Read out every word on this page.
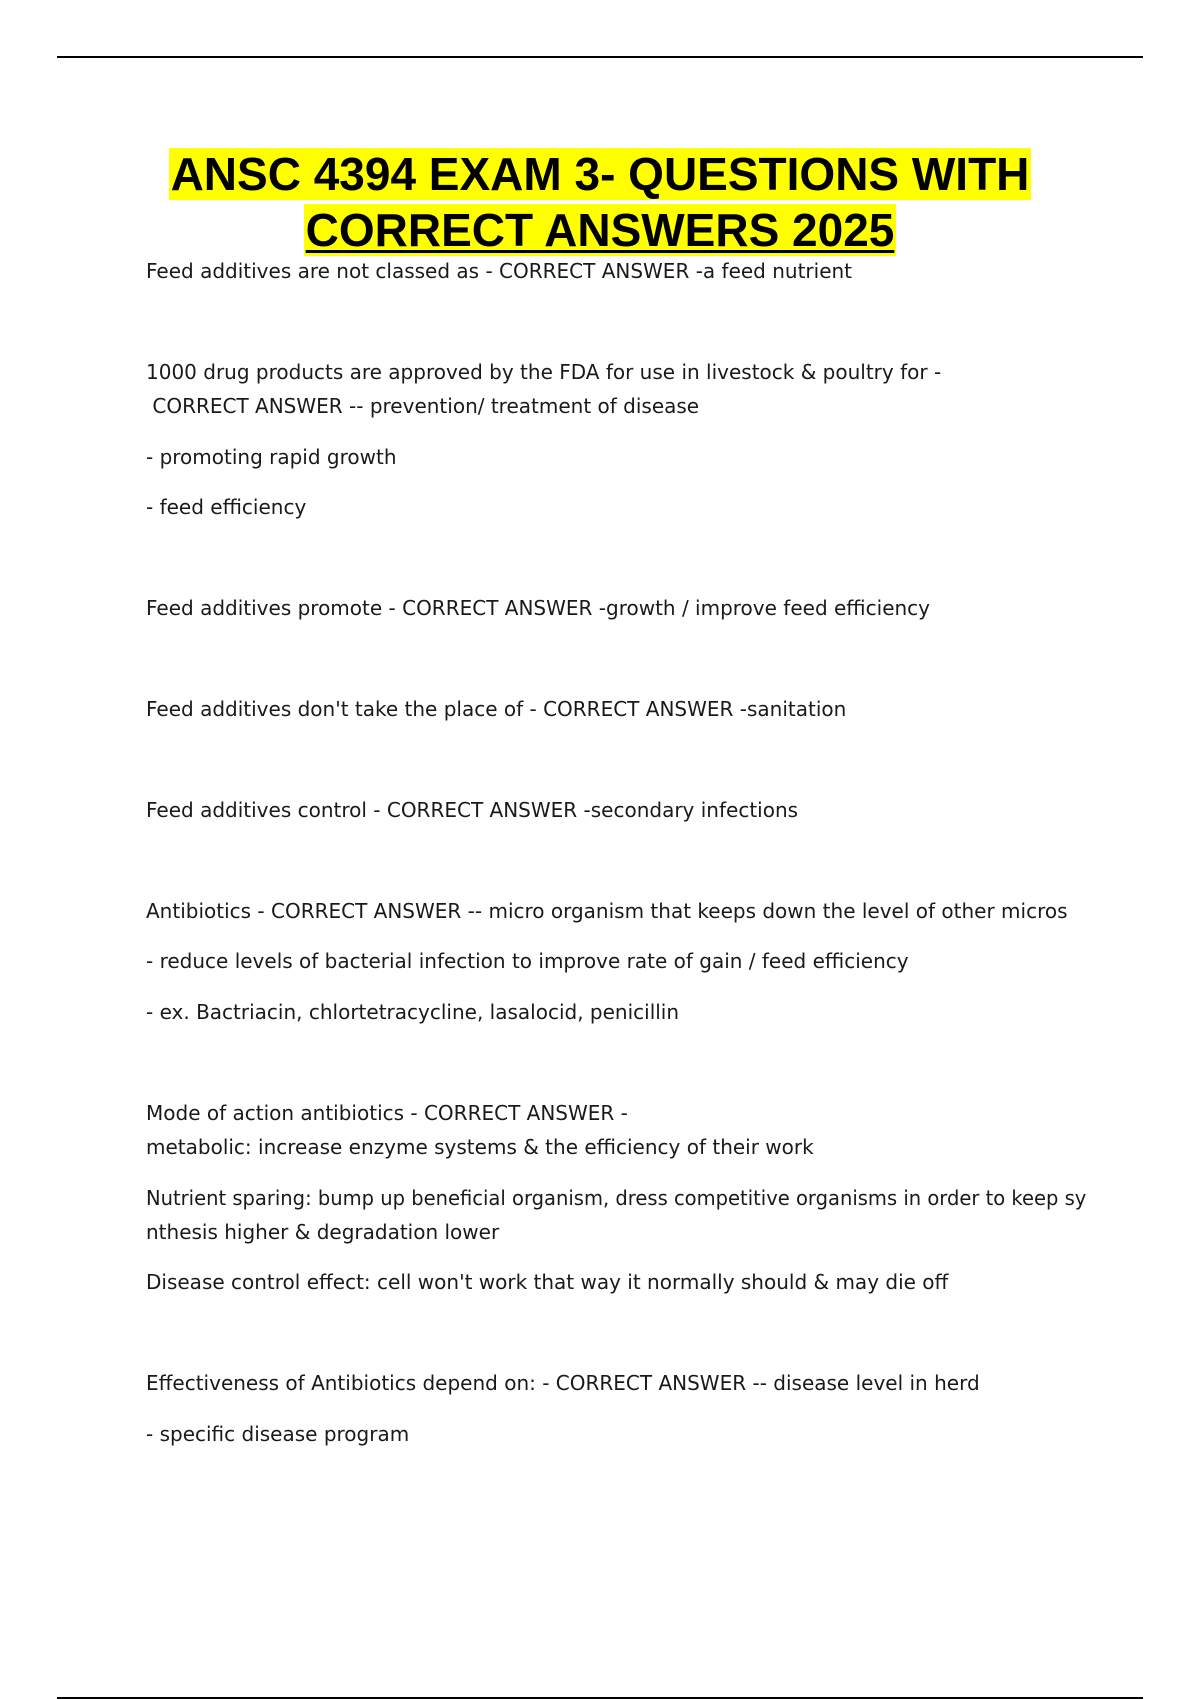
ANSC 4394 EXAM 3- QUESTIONS WITH
CORRECT ANSWERS 2025
Feed additives are not classed as - CORRECT ANSWER -a feed nutrient
1000 drug products are approved by the FDA for use in livestock & poultry for -
CORRECT ANSWER -- prevention/ treatment of disease
- promoting rapid growth
- feed efficiency
Feed additives promote - CORRECT ANSWER -growth / improve feed efficiency
Feed additives don't take the place of - CORRECT ANSWER -sanitation
Feed additives control - CORRECT ANSWER -secondary infections
Antibiotics - CORRECT ANSWER -- micro organism that keeps down the level of other micros
- reduce levels of bacterial infection to improve rate of gain / feed efficiency
- ex. Bactriacin, chlortetracycline, lasalocid, penicillin
Mode of action antibiotics - CORRECT ANSWER -
metabolic: increase enzyme systems & the efficiency of their work
Nutrient sparing: bump up beneficial organism, dress competitive organisms in order to keep sy
nthesis higher & degradation lower
Disease control effect: cell won't work that way it normally should & may die off
Effectiveness of Antibiotics depend on: - CORRECT ANSWER -- disease level in herd
- specific disease program
